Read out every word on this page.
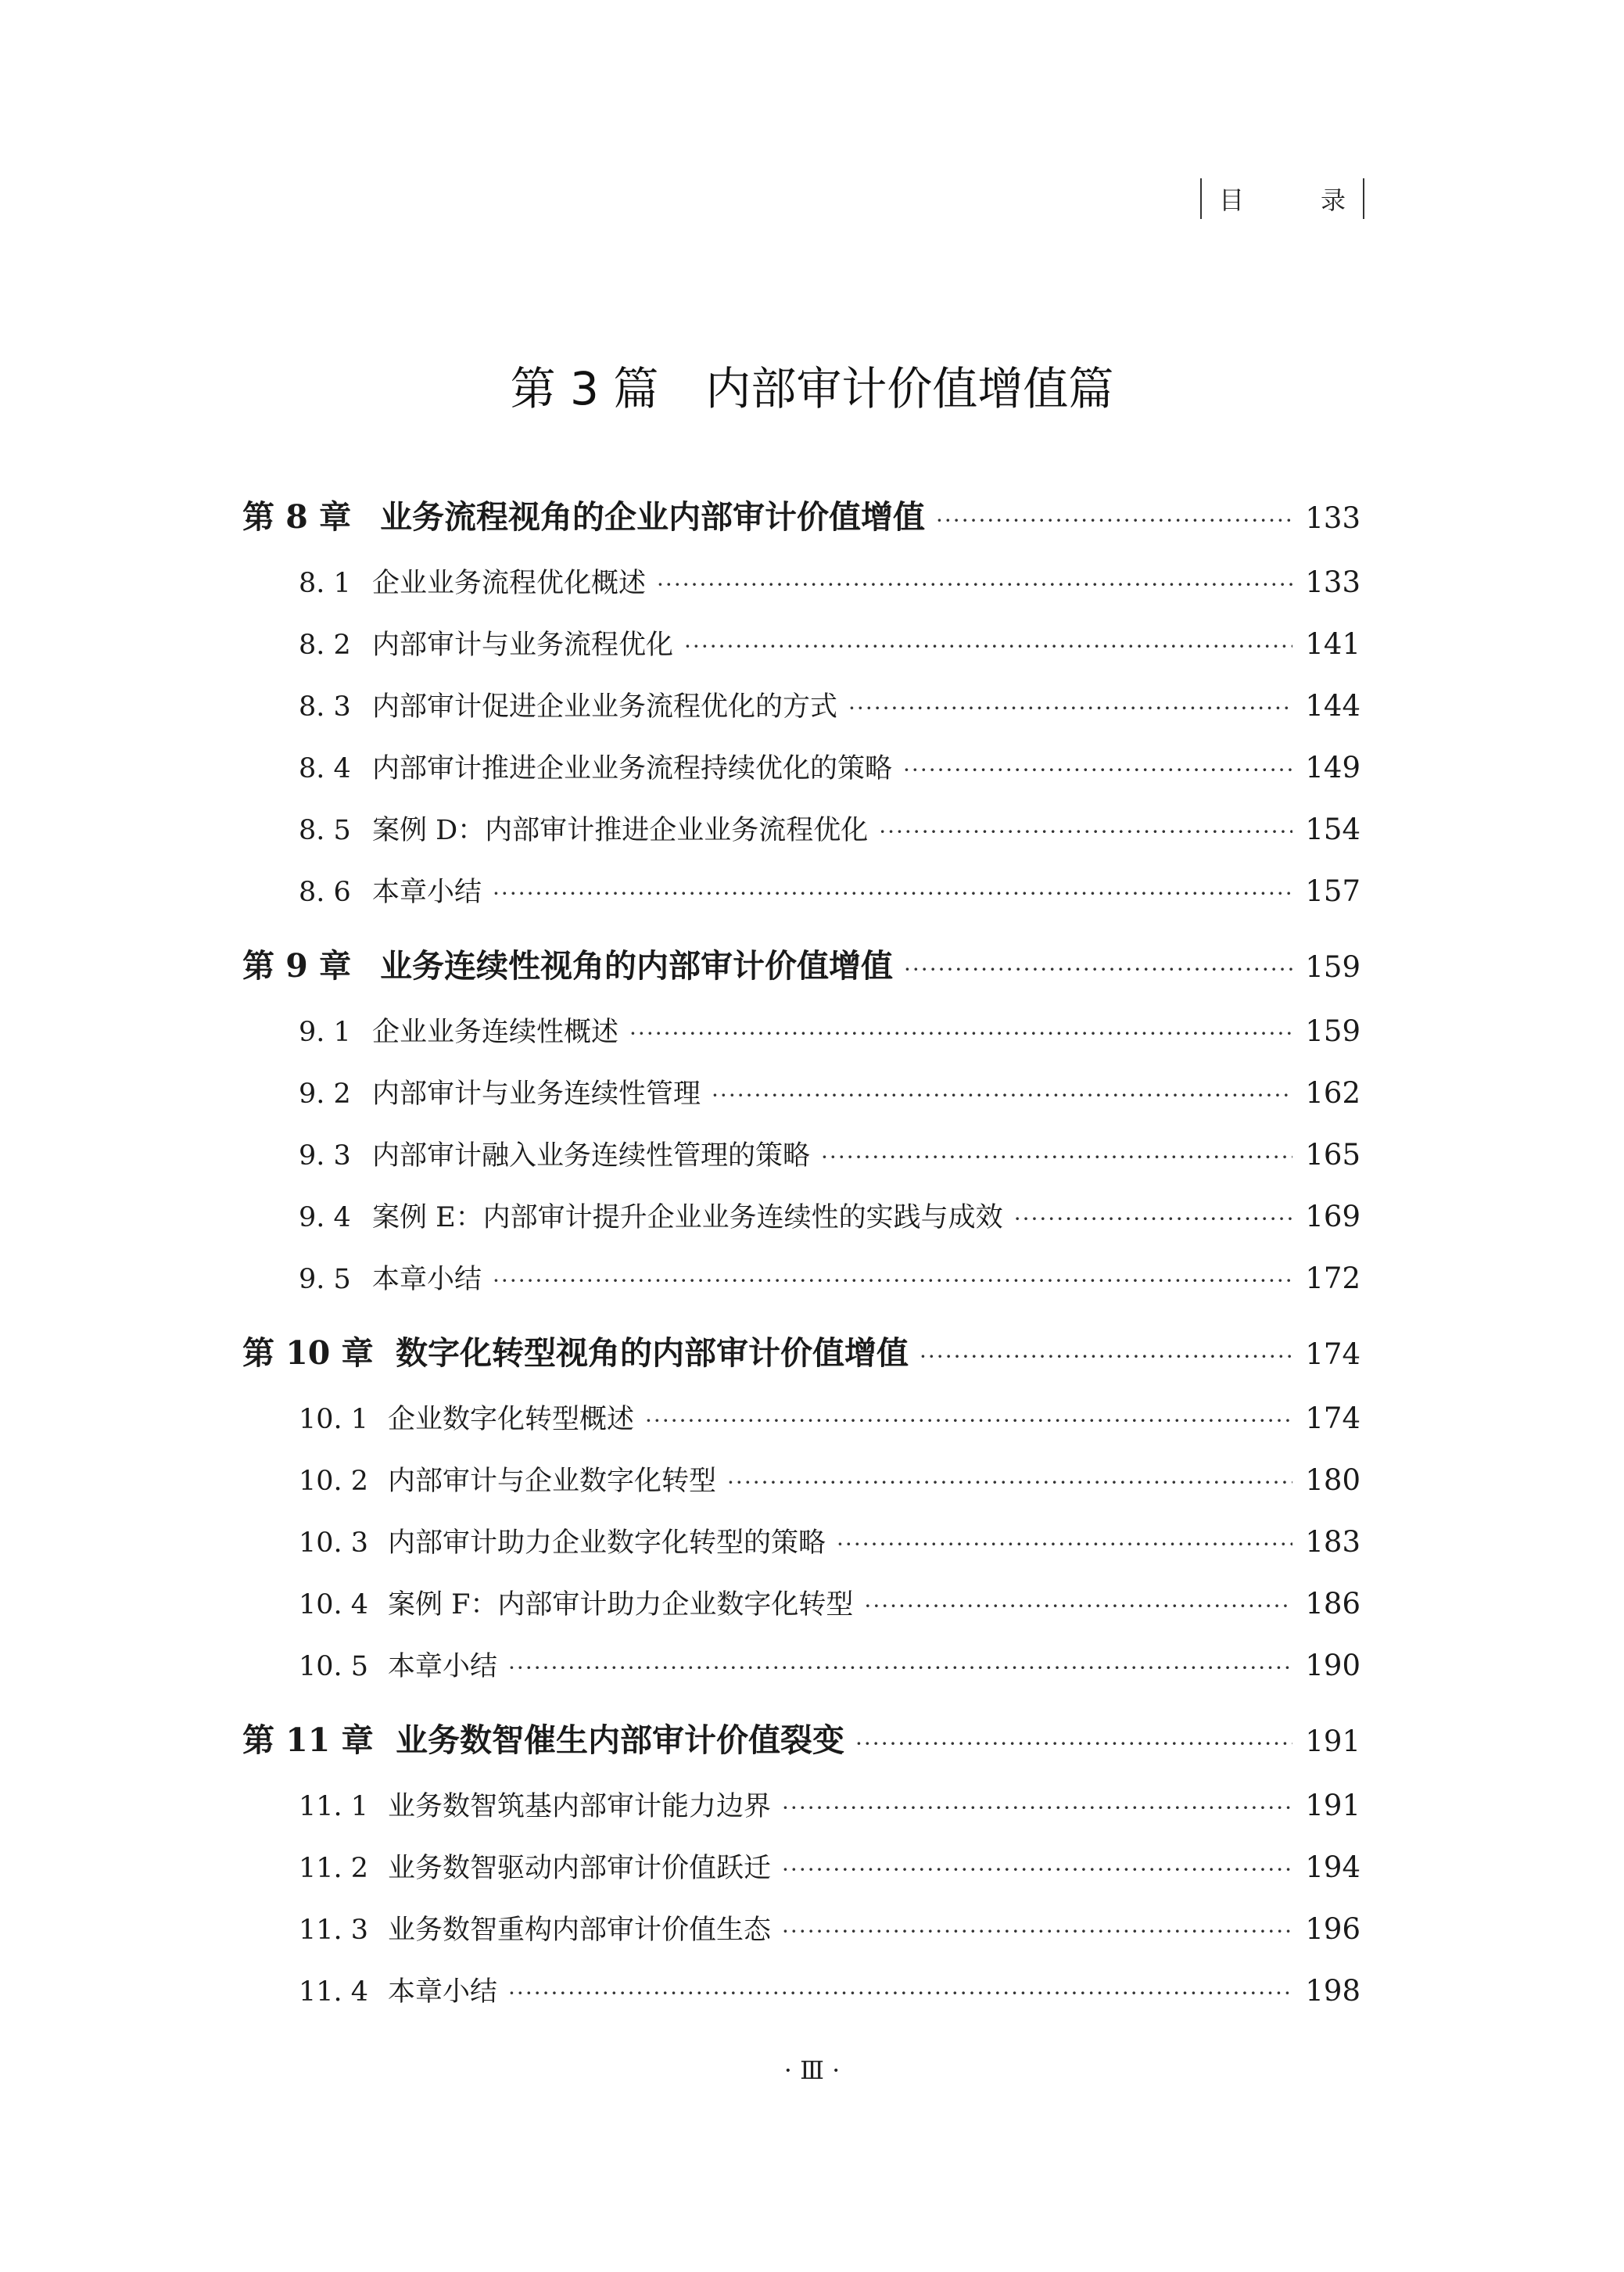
目	录
第 3 篇 内部审计价值增值篇
第 8 章 业务流程视角的企业内部审计价值增值 ·····	133
8. 1 企业业务流程优化概述 ·····	133
8. 2 内部审计与业务流程优化 ·····	141
8. 3 内部审计促进企业业务流程优化的方式 ·····	144
8. 4 内部审计推进企业业务流程持续优化的策略 ·····	149
8. 5 案例 D：内部审计推进企业业务流程优化 ·····	154
8. 6 本章小结 ·····	157
第 9 章 业务连续性视角的内部审计价值增值 ·····	159
9. 1 企业业务连续性概述 ·····	159
9. 2 内部审计与业务连续性管理 ·····	162
9. 3 内部审计融入业务连续性管理的策略 ·····	165
9. 4 案例 E：内部审计提升企业业务连续性的实践与成效 ·····	169
9. 5 本章小结 ·····	172
第 10 章 数字化转型视角的内部审计价值增值 ·····	174
10. 1 企业数字化转型概述 ·····	174
10. 2 内部审计与企业数字化转型 ·····	180
10. 3 内部审计助力企业数字化转型的策略 ·····	183
10. 4 案例 F：内部审计助力企业数字化转型 ·····	186
10. 5 本章小结 ·····	190
第 11 章 业务数智催生内部审计价值裂变 ·····	191
11. 1 业务数智筑基内部审计能力边界 ·····	191
11. 2 业务数智驱动内部审计价值跃迁 ·····	194
11. 3 业务数智重构内部审计价值生态 ·····	196
11. 4 本章小结 ·····	198
· Ⅲ ·
